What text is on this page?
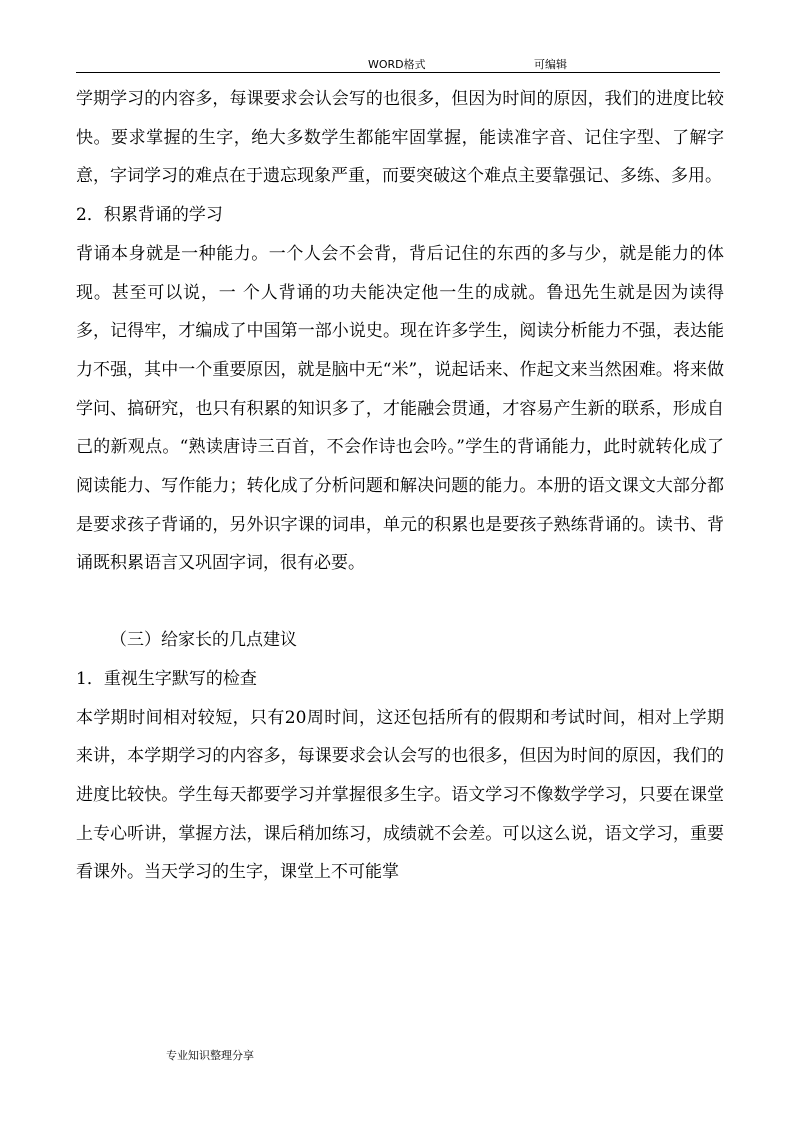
WORD格式	可编辑

学期学习的内容多，每课要求会认会写的也很多，但因为时间的原因，我们的进度比较快。要求掌握的生字，绝大多数学生都能牢固掌握，能读准字音、记住字型、了解字意，字词学习的难点在于遗忘现象严重，而要突破这个难点主要靠强记、多练、多用。

2．积累背诵的学习

背诵本身就是一种能力。一个人会不会背，背后记住的东西的多与少，就是能力的体现。甚至可以说，一 个人背诵的功夫能决定他一生的成就。鲁迅先生就是因为读得多，记得牢，才编成了中国第一部小说史。现在许多学生，阅读分析能力不强，表达能力不强，其中一个重要原因，就是脑中无“米”，说起话来、作起文来当然困难。将来做学问、搞研究，也只有积累的知识多了，才能融会贯通，才容易产生新的联系，形成自己的新观点。“熟读唐诗三百首，不会作诗也会吟。”学生的背诵能力，此时就转化成了阅读能力、写作能力；转化成了分析问题和解决问题的能力。本册的语文课文大部分都是要求孩子背诵的，另外识字课的词串，单元的积累也是要孩子熟练背诵的。读书、背诵既积累语言又巩固字词，很有必要。

（三）给家长的几点建议

1．重视生字默写的检查

本学期时间相对较短，只有20周时间，这还包括所有的假期和考试时间，相对上学期来讲，本学期学习的内容多，每课要求会认会写的也很多，但因为时间的原因，我们的进度比较快。学生每天都要学习并掌握很多生字。语文学习不像数学学习，只要在课堂上专心听讲，掌握方法，课后稍加练习，成绩就不会差。可以这么说，语文学习，重要看课外。当天学习的生字，课堂上不可能掌

专业知识整理分享
